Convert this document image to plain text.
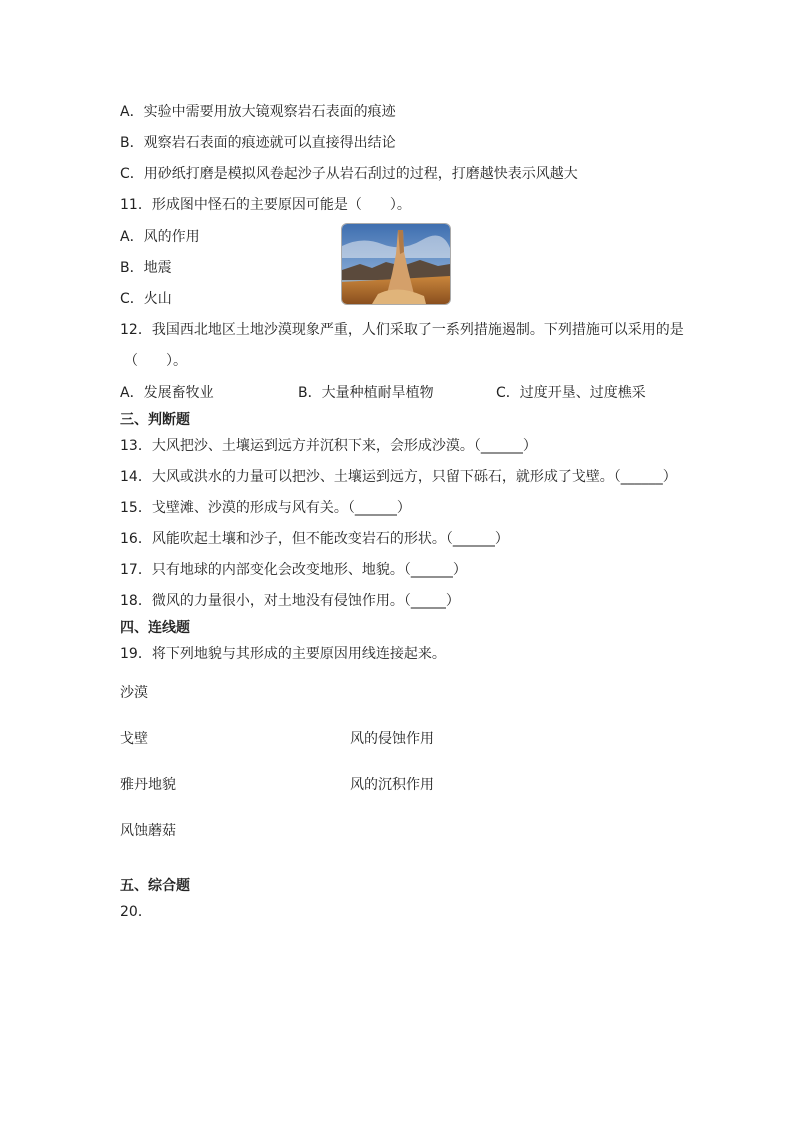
A．实验中需要用放大镜观察岩石表面的痕迹
B．观察岩石表面的痕迹就可以直接得出结论
C．用砂纸打磨是模拟风卷起沙子从岩石刮过的过程，打磨越快表示风越大
11．形成图中怪石的主要原因可能是（　　）。
A．风的作用
B．地震
C．火山
12．我国西北地区土地沙漠现象严重，人们采取了一系列措施遏制。下列措施可以采用的是
（　　）。
A．发展畜牧业	B．大量种植耐旱植物	C．过度开垦、过度樵采
三、判断题
13．大风把沙、土壤运到远方并沉积下来，会形成沙漠。（______）
14．大风或洪水的力量可以把沙、土壤运到远方，只留下砾石，就形成了戈壁。（______）
15．戈壁滩、沙漠的形成与风有关。（______）
16．风能吹起土壤和沙子，但不能改变岩石的形状。（______）
17．只有地球的内部变化会改变地形、地貌。（______）
18．微风的力量很小，对土地没有侵蚀作用。（_____）
四、连线题
19．将下列地貌与其形成的主要原因用线连接起来。
沙漠
戈壁
雅丹地貌
风蚀蘑菇
风的侵蚀作用
风的沉积作用
五、综合题
20．
